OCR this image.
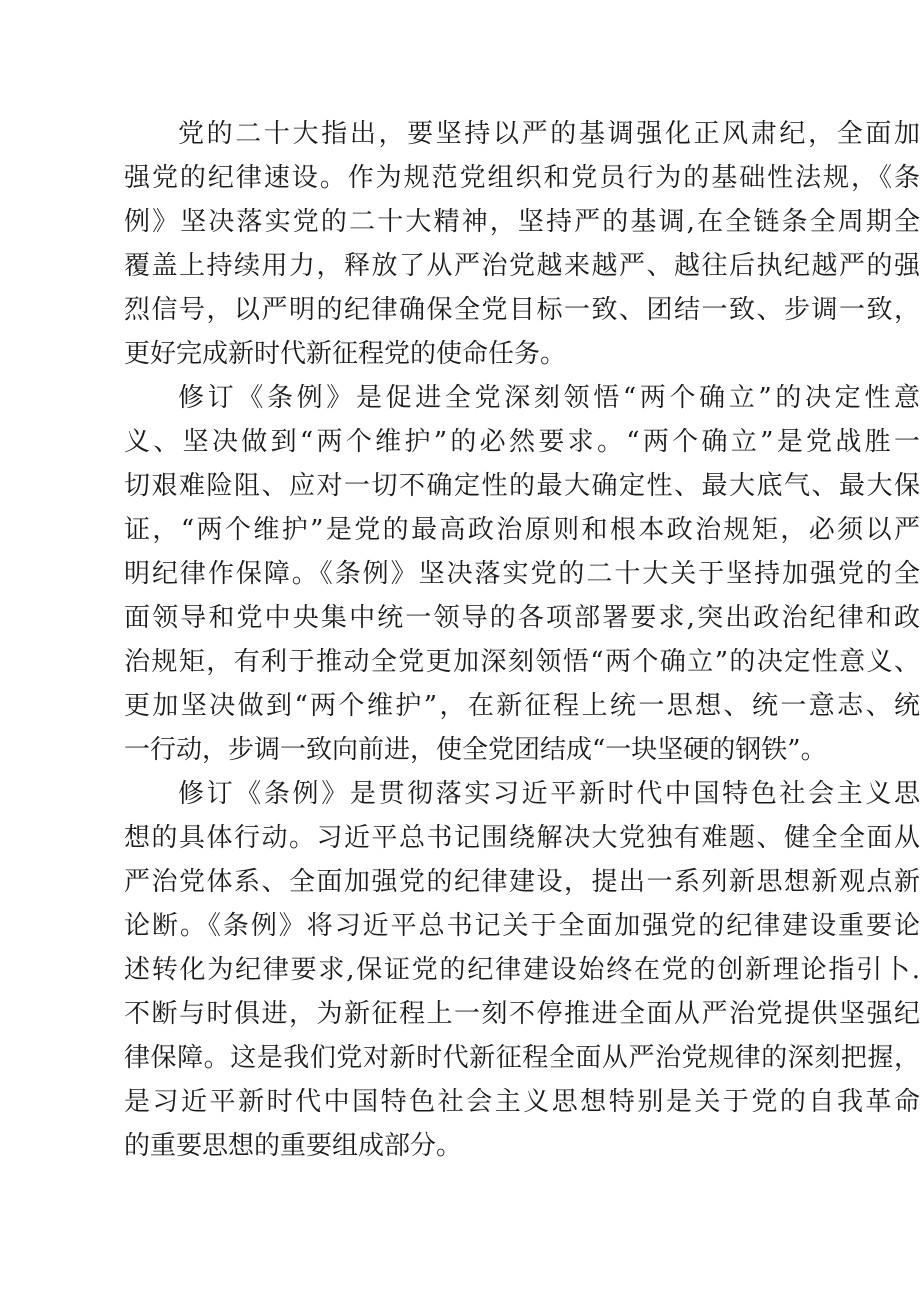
党的二十大指出，要坚持以严的基调强化正风肃纪，全面加
强党的纪律速设。作为规范党组织和党员行为的基础性法规，《条
例》坚决落实党的二十大精神，坚持严的基调,在全链条全周期全
覆盖上持续用力，释放了从严治党越来越严、越往后执纪越严的强
烈信号，以严明的纪律确保全党目标一致、团结一致、步调一致，
更好完成新时代新征程党的使命任务。
修订《条例》是促进全党深刻领悟“两个确立”的决定性意
义、坚决做到“两个维护”的必然要求。“两个确立”是党战胜一
切艰难险阻、应对一切不确定性的最大确定性、最大底气、最大保
证，“两个维护”是党的最高政治原则和根本政治规矩，必须以严
明纪律作保障。《条例》坚决落实党的二十大关于坚持加强党的全
面领导和党中央集中统一领导的各项部署要求,突出政治纪律和政
治规矩，有利于推动全党更加深刻领悟“两个确立”的决定性意义、
更加坚决做到“两个维护”，在新征程上统一思想、统一意志、统
一行动，步调一致向前进，使全党团结成“一块坚硬的钢铁”。
修订《条例》是贯彻落实习近平新时代中国特色社会主义思
想的具体行动。习近平总书记围绕解决大党独有难题、健全全面从
严治党体系、全面加强党的纪律建设，提出一系列新思想新观点新
论断。《条例》将习近平总书记关于全面加强党的纪律建设重要论
述转化为纪律要求,保证党的纪律建设始终在党的创新理论指引卜.
不断与时俱进，为新征程上一刻不停推进全面从严治党提供坚强纪
律保障。这是我们党对新时代新征程全面从严治党规律的深刻把握，
是习近平新时代中国特色社会主义思想特别是关于党的自我革命
的重要思想的重要组成部分。
